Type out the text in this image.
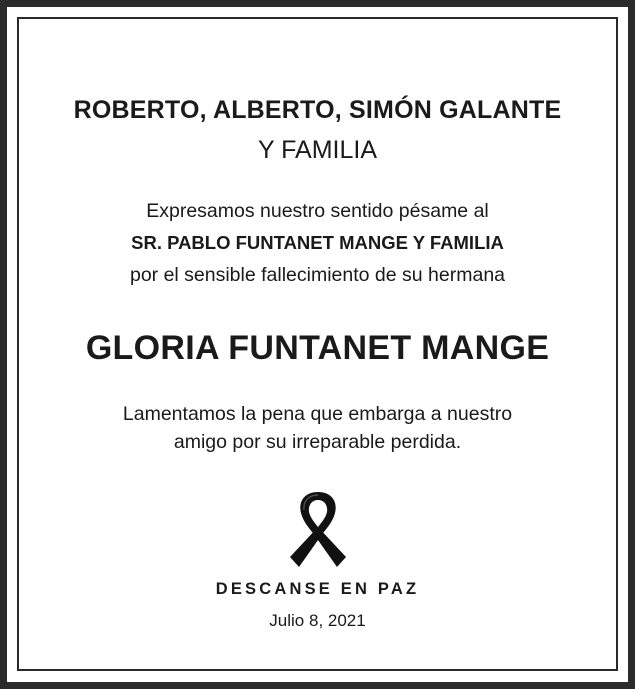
ROBERTO, ALBERTO, SIMÓN GALANTE
Y FAMILIA
Expresamos nuestro sentido pésame al
SR. PABLO FUNTANET MANGE Y FAMILIA
por el sensible fallecimiento de su hermana
GLORIA FUNTANET MANGE
Lamentamos la pena que embarga a nuestro
amigo por su irreparable perdida.
DESCANSE EN PAZ
Julio 8, 2021
